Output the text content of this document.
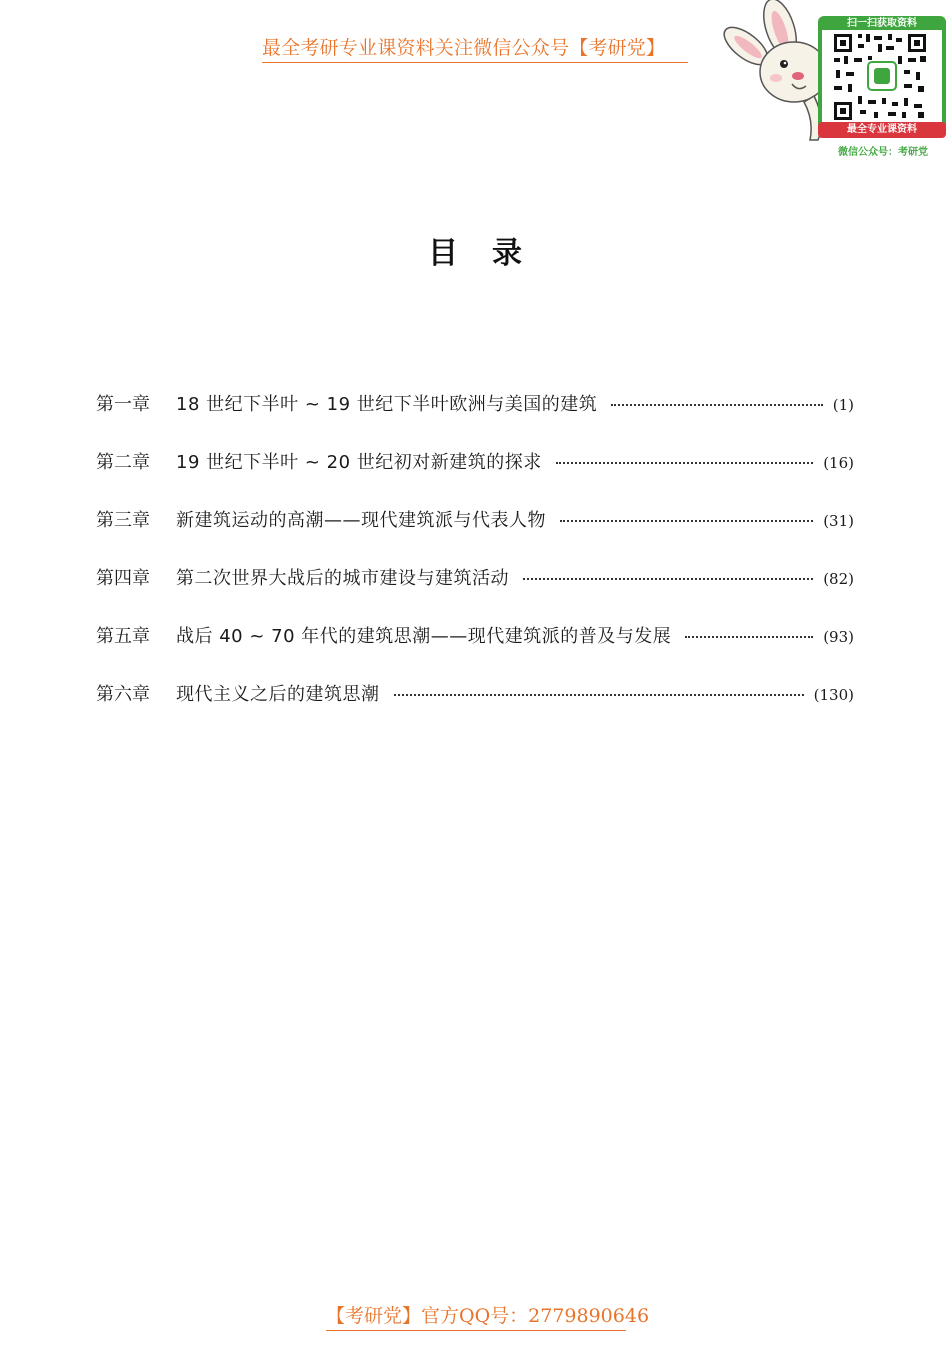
最全考研专业课资料关注微信公众号【考研党】
扫一扫获取资料
最全专业课资料
微信公众号：考研党
目录
第一章	18 世纪下半叶 ~ 19 世纪下半叶欧洲与美国的建筑	(1)
第二章	19 世纪下半叶 ~ 20 世纪初对新建筑的探求	(16)
第三章	新建筑运动的高潮——现代建筑派与代表人物	(31)
第四章	第二次世界大战后的城市建设与建筑活动	(82)
第五章	战后 40 ~ 70 年代的建筑思潮——现代建筑派的普及与发展	(93)
第六章	现代主义之后的建筑思潮	(130)
【考研党】官方QQ号：2779890646
